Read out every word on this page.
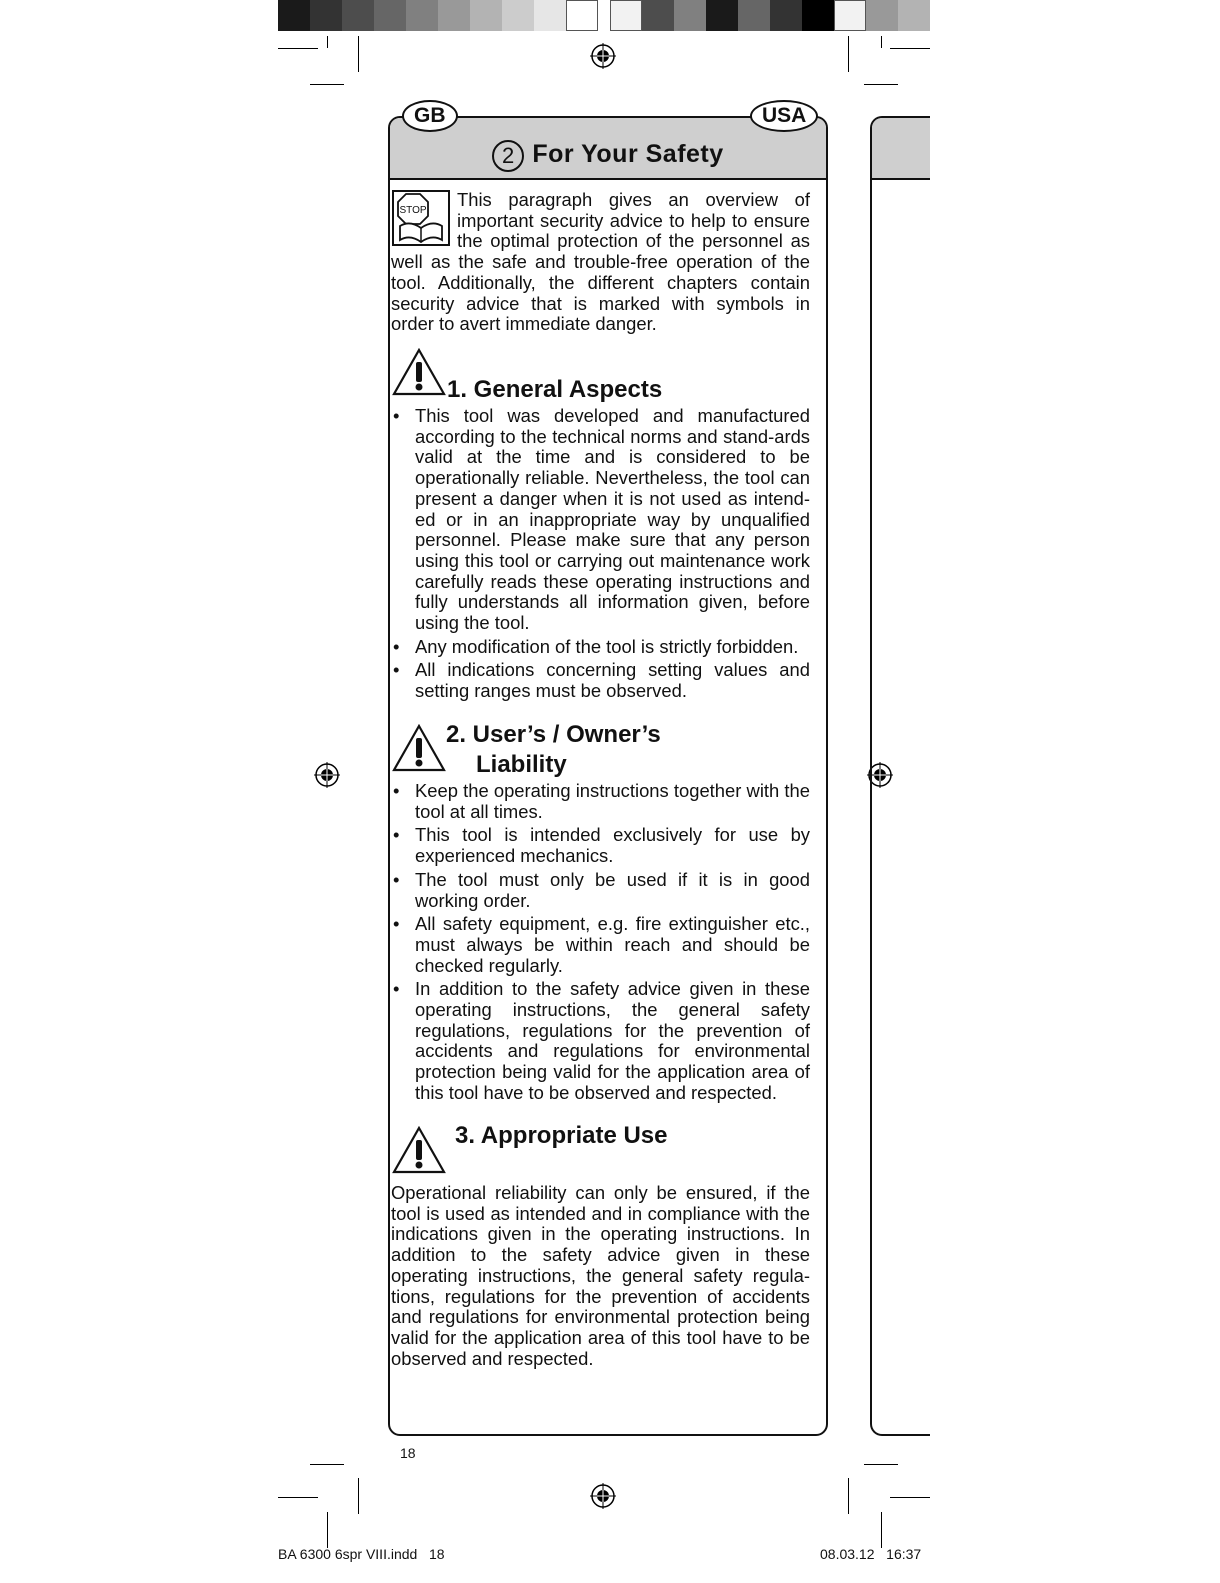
2 For Your Safety
GB	USA
STOP
This paragraph gives an overview of important security advice to help to ensure the optimal protection of the personnel as well as the safe and trouble-free operation of the tool. Additionally, the different chapters contain security advice that is marked with symbols in order to avert immediate danger.
1. General Aspects
• This tool was developed and manufactured according to the technical norms and stand-ards valid at the time and is considered to be operationally reliable. Nevertheless, the tool can present a danger when it is not used as intend-ed or in an inappropriate way by unqualified personnel. Please make sure that any person using this tool or carrying out maintenance work carefully reads these operating instructions and fully understands all information given, before using the tool.
• Any modification of the tool is strictly forbidden.
• All indications concerning setting values and setting ranges must be observed.
2. User’s / Owner’s
Liability
• Keep the operating instructions together with the tool at all times.
• This tool is intended exclusively for use by experienced mechanics.
• The tool must only be used if it is in good working order.
• All safety equipment, e.g. fire extinguisher etc., must always be within reach and should be checked regularly.
• In addition to the safety advice given in these operating instructions, the general safety regulations, regulations for the prevention of accidents and regulations for environmental protection being valid for the application area of this tool have to be observed and respected.
3. Appropriate Use
Operational reliability can only be ensured, if the tool is used as intended and in compliance with the indications given in the operating instructions. In addition to the safety advice given in these operating instructions, the general safety regula-tions, regulations for the prevention of accidents and regulations for environmental protection being valid for the application area of this tool have to be observed and respected.
18
BA 6300 6spr VIII.indd   18	08.03.12   16:37
